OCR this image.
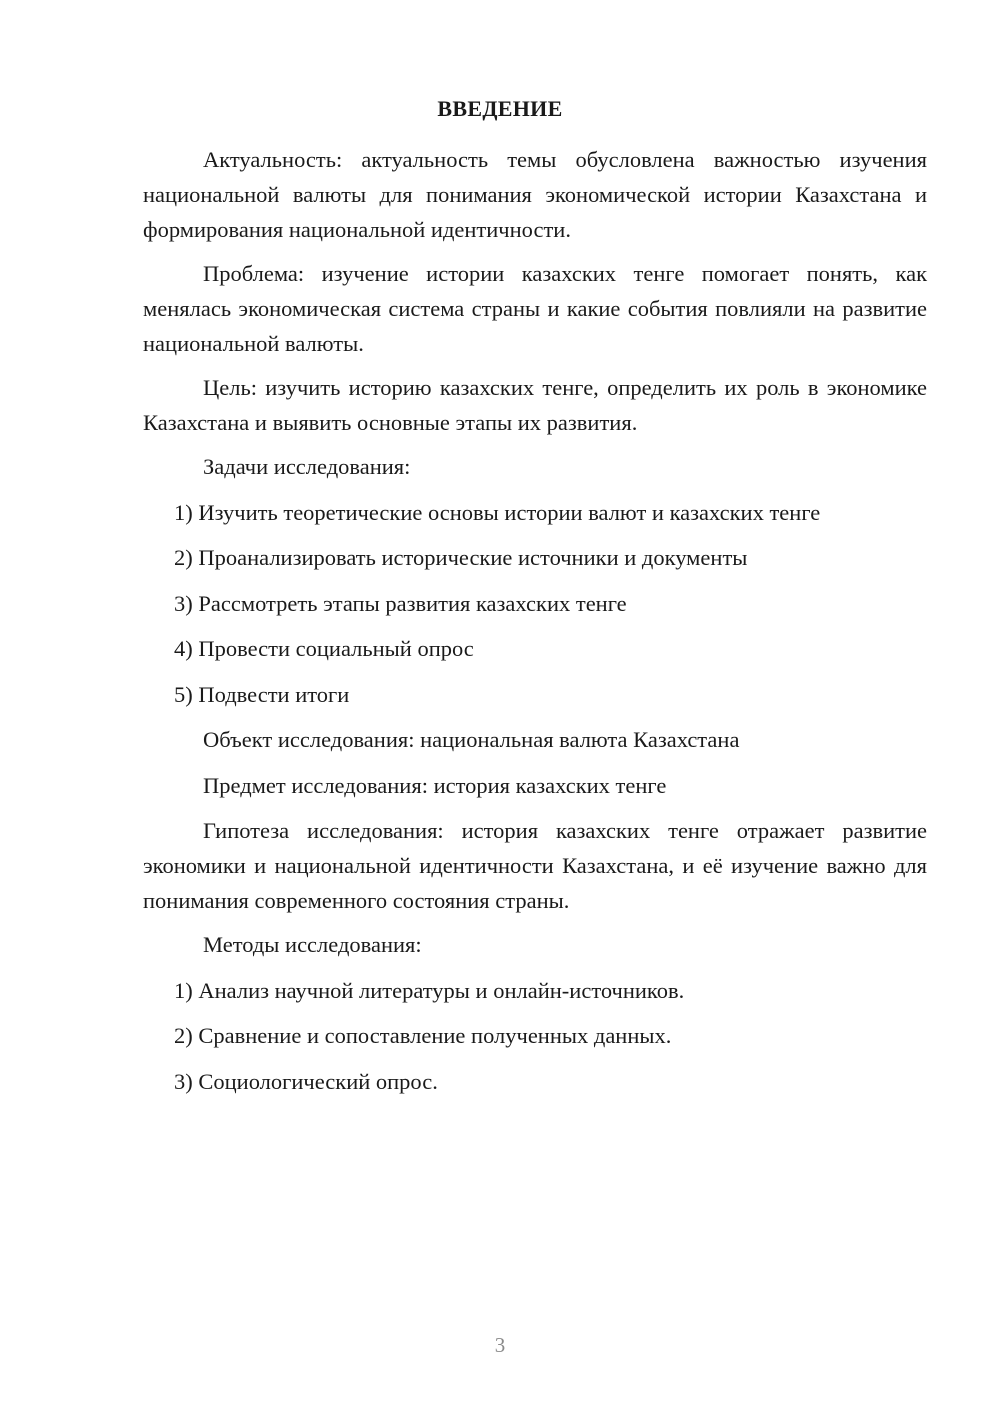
ВВЕДЕНИЕ

Актуальность: актуальность темы обусловлена важностью изучения национальной валюты для понимания экономической истории Казахстана и формирования национальной идентичности.

Проблема: изучение истории казахских тенге помогает понять, как менялась экономическая система страны и какие события повлияли на развитие национальной валюты.

Цель: изучить историю казахских тенге, определить их роль в экономике Казахстана и выявить основные этапы их развития.

Задачи исследования:

1) Изучить теоретические основы истории валют и казахских тенге

2) Проанализировать исторические источники и документы

3) Рассмотреть этапы развития казахских тенге

4) Провести социальный опрос

5) Подвести итоги

Объект исследования: национальная валюта Казахстана

Предмет исследования: история казахских тенге

Гипотеза исследования: история казахских тенге отражает развитие экономики и национальной идентичности Казахстана, и её изучение важно для понимания современного состояния страны.

Методы исследования:

1) Анализ научной литературы и онлайн-источников.

2) Сравнение и сопоставление полученных данных.

3) Социологический опрос.

3
